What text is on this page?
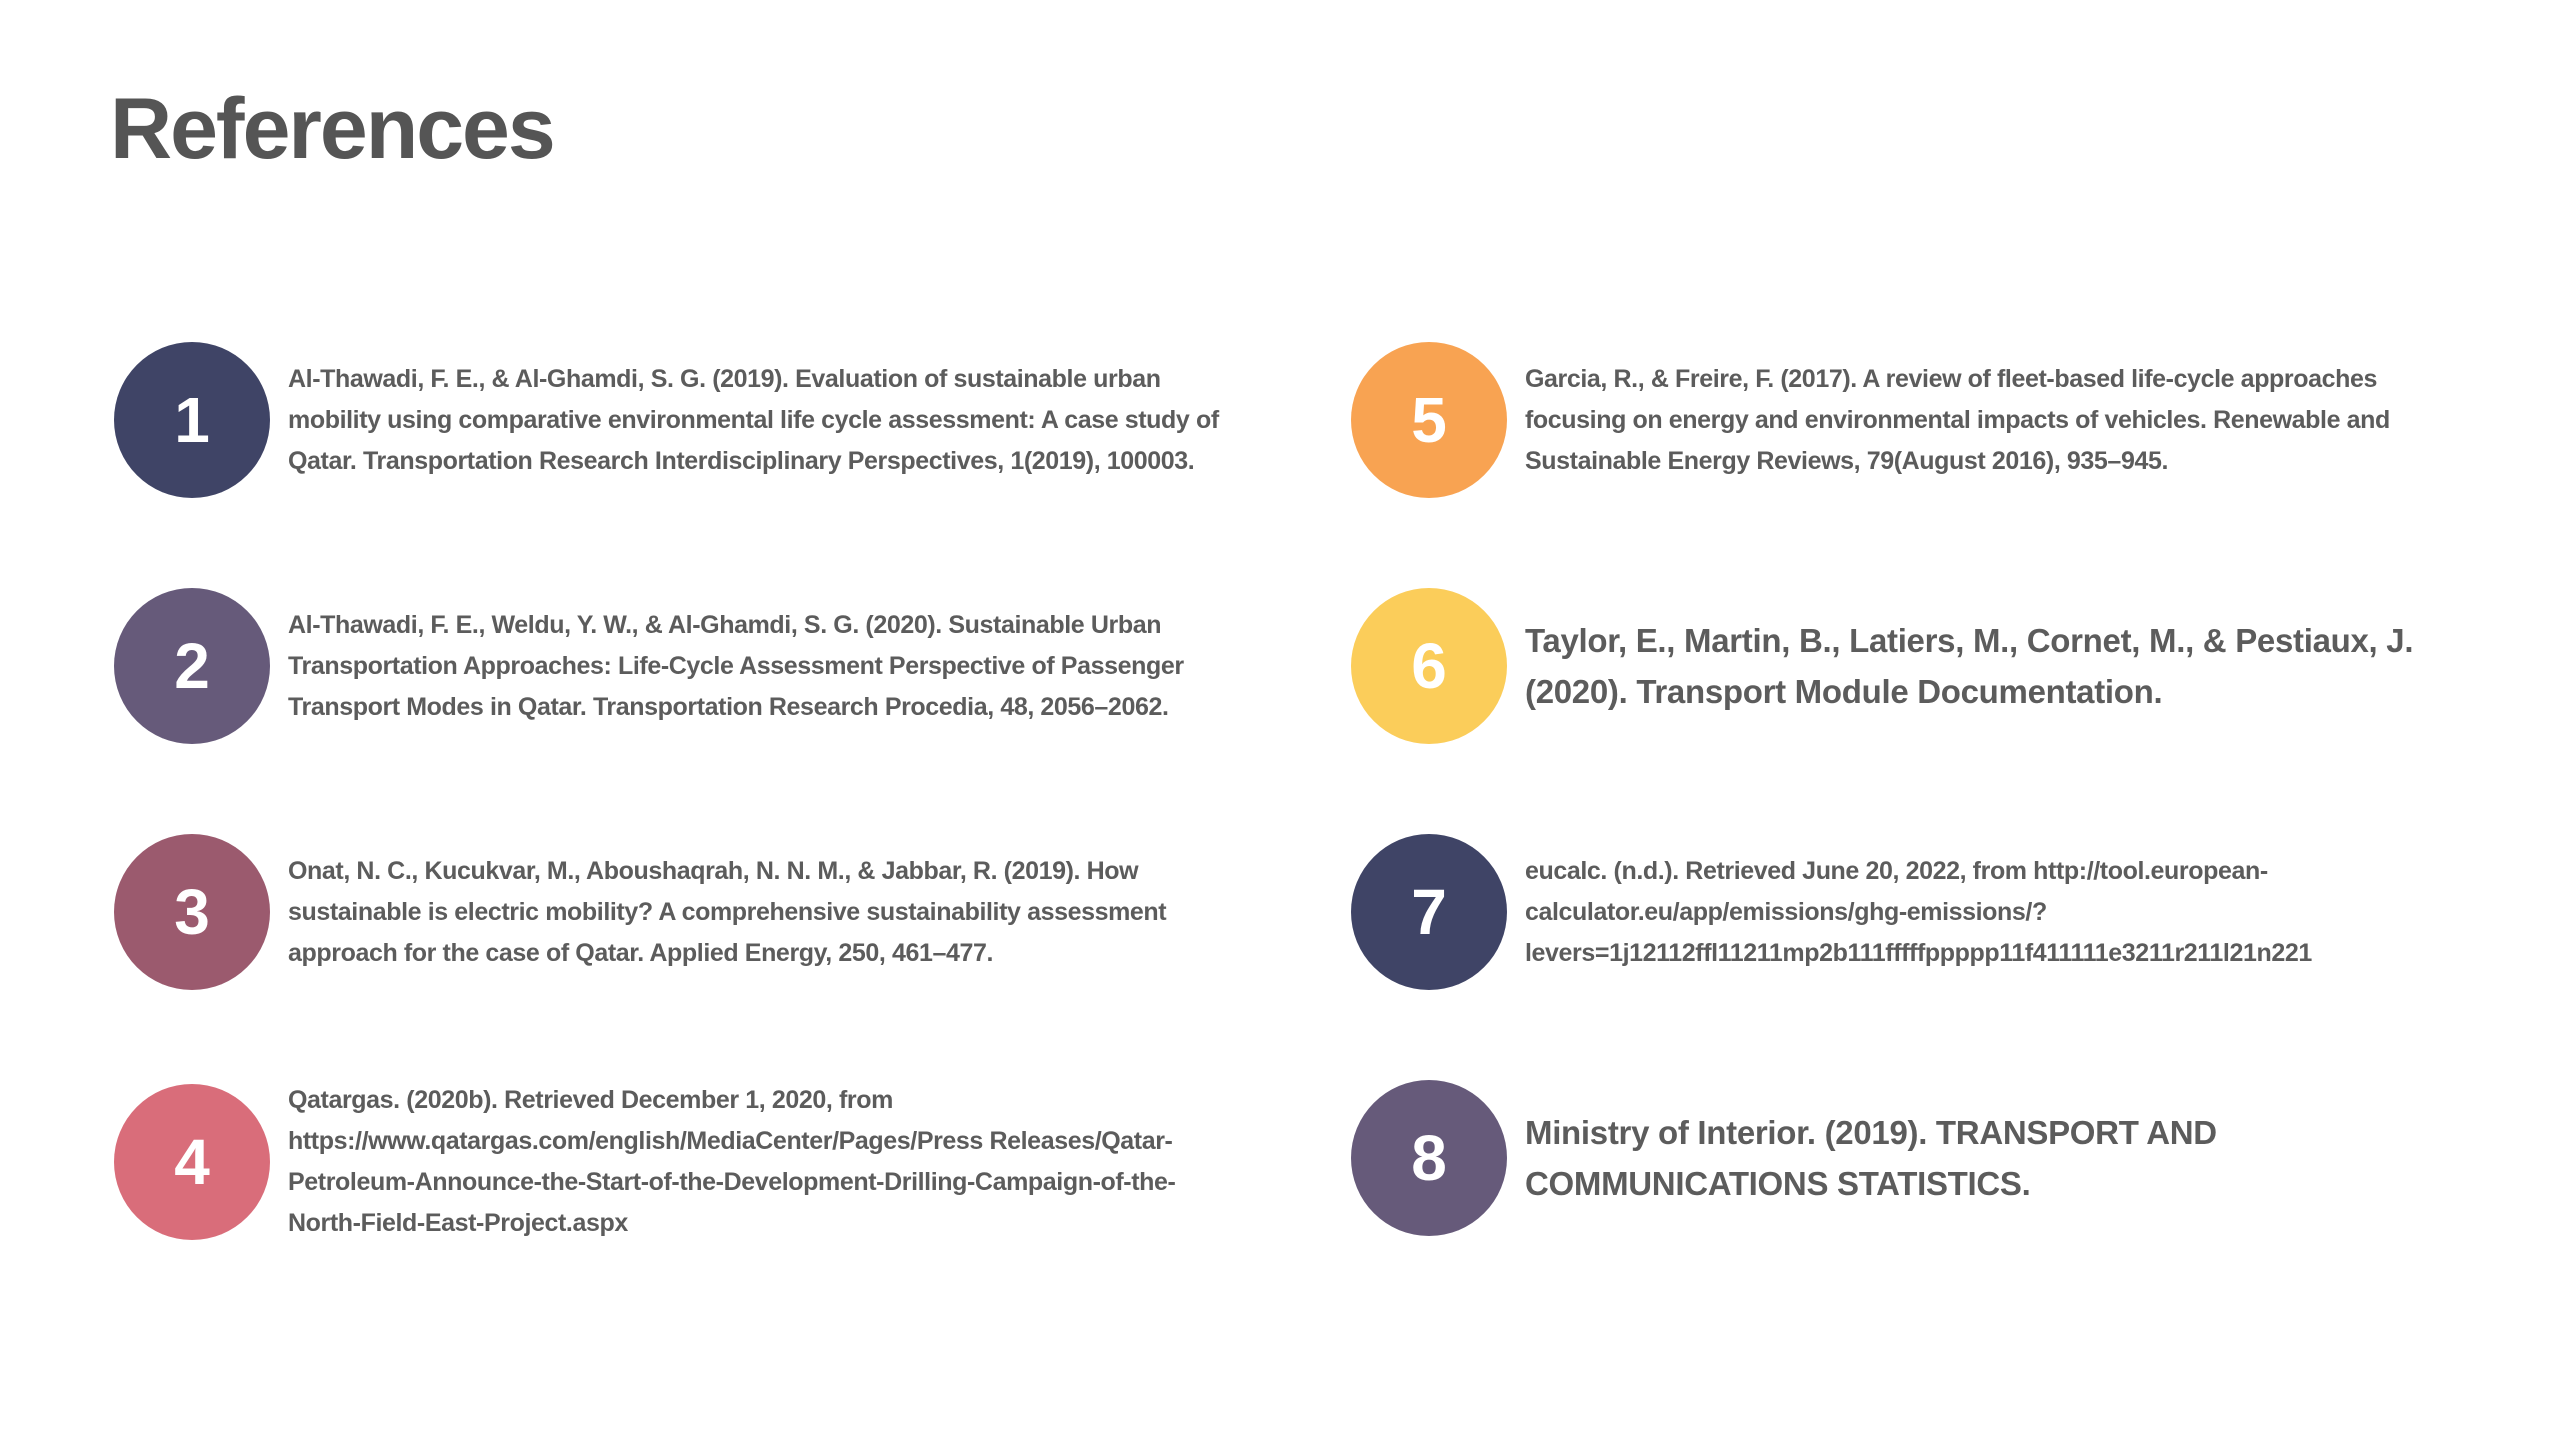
References
1
Al-Thawadi, F. E., & Al-Ghamdi, S. G. (2019). Evaluation of sustainable urban mobility using comparative environmental life cycle assessment: A case study of Qatar. Transportation Research Interdisciplinary Perspectives, 1(2019), 100003.
2
Al-Thawadi, F. E., Weldu, Y. W., & Al-Ghamdi, S. G. (2020). Sustainable Urban Transportation Approaches: Life-Cycle Assessment Perspective of Passenger Transport Modes in Qatar. Transportation Research Procedia, 48, 2056–2062.
3
Onat, N. C., Kucukvar, M., Aboushaqrah, N. N. M., & Jabbar, R. (2019). How sustainable is electric mobility? A comprehensive sustainability assessment approach for the case of Qatar. Applied Energy, 250, 461–477.
4
Qatargas. (2020b). Retrieved December 1, 2020, from https://www.qatargas.com/english/MediaCenter/Pages/Press Releases/Qatar-Petroleum-Announce-the-Start-of-the-Development-Drilling-Campaign-of-the-North-Field-East-Project.aspx
5
Garcia, R., & Freire, F. (2017). A review of fleet-based life-cycle approaches focusing on energy and environmental impacts of vehicles. Renewable and Sustainable Energy Reviews, 79(August 2016), 935–945.
6	Taylor, E., Martin, B., Latiers, M., Cornet, M., & Pestiaux, J. (2020). Transport Module Documentation.
7
eucalc. (n.d.). Retrieved June 20, 2022, from http://tool.european-calculator.eu/app/emissions/ghg-emissions/?levers=1j12112ffl11211mp2b111fffffppppp11f411111e3211r211l21n221
8	Ministry of Interior. (2019). TRANSPORT AND COMMUNICATIONS STATISTICS.
